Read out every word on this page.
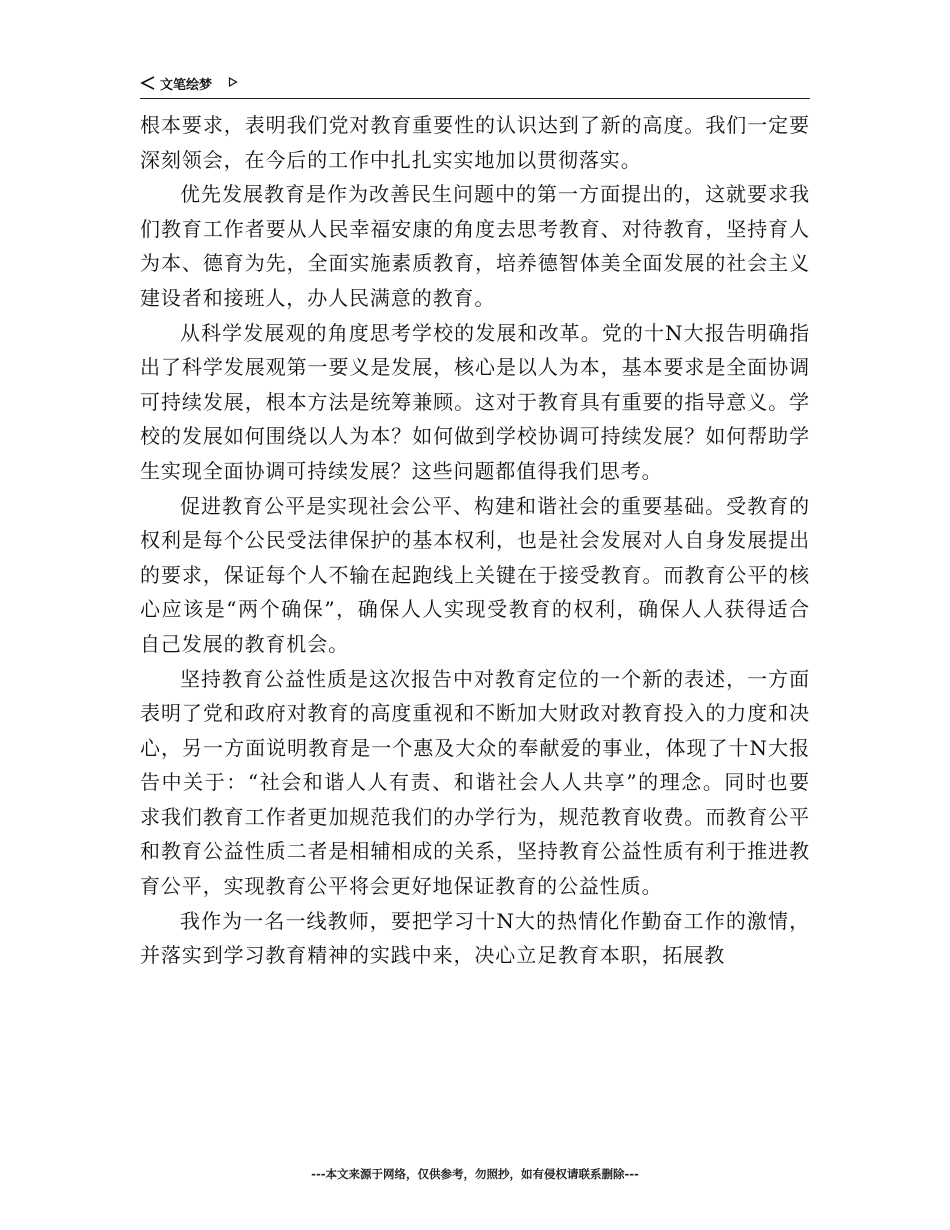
文笔绘梦

根本要求，表明我们党对教育重要性的认识达到了新的高度。我们一定要深刻领会，在今后的工作中扎扎实实地加以贯彻落实。

优先发展教育是作为改善民生问题中的第一方面提出的，这就要求我们教育工作者要从人民幸福安康的角度去思考教育、对待教育，坚持育人为本、德育为先，全面实施素质教育，培养德智体美全面发展的社会主义建设者和接班人，办人民满意的教育。

从科学发展观的角度思考学校的发展和改革。党的十N大报告明确指出了科学发展观第一要义是发展，核心是以人为本，基本要求是全面协调可持续发展，根本方法是统筹兼顾。这对于教育具有重要的指导意义。学校的发展如何围绕以人为本？如何做到学校协调可持续发展？如何帮助学生实现全面协调可持续发展？这些问题都值得我们思考。

促进教育公平是实现社会公平、构建和谐社会的重要基础。受教育的权利是每个公民受法律保护的基本权利，也是社会发展对人自身发展提出的要求，保证每个人不输在起跑线上关键在于接受教育。而教育公平的核心应该是“两个确保”，确保人人实现受教育的权利，确保人人获得适合自己发展的教育机会。

坚持教育公益性质是这次报告中对教育定位的一个新的表述，一方面表明了党和政府对教育的高度重视和不断加大财政对教育投入的力度和决心，另一方面说明教育是一个惠及大众的奉献爱的事业，体现了十N大报告中关于：“社会和谐人人有责、和谐社会人人共享”的理念。同时也要求我们教育工作者更加规范我们的办学行为，规范教育收费。而教育公平和教育公益性质二者是相辅相成的关系，坚持教育公益性质有利于推进教育公平，实现教育公平将会更好地保证教育的公益性质。

我作为一名一线教师，要把学习十N大的热情化作勤奋工作的激情，并落实到学习教育精神的实践中来，决心立足教育本职，拓展教

---本文来源于网络，仅供参考，勿照抄，如有侵权请联系删除---
